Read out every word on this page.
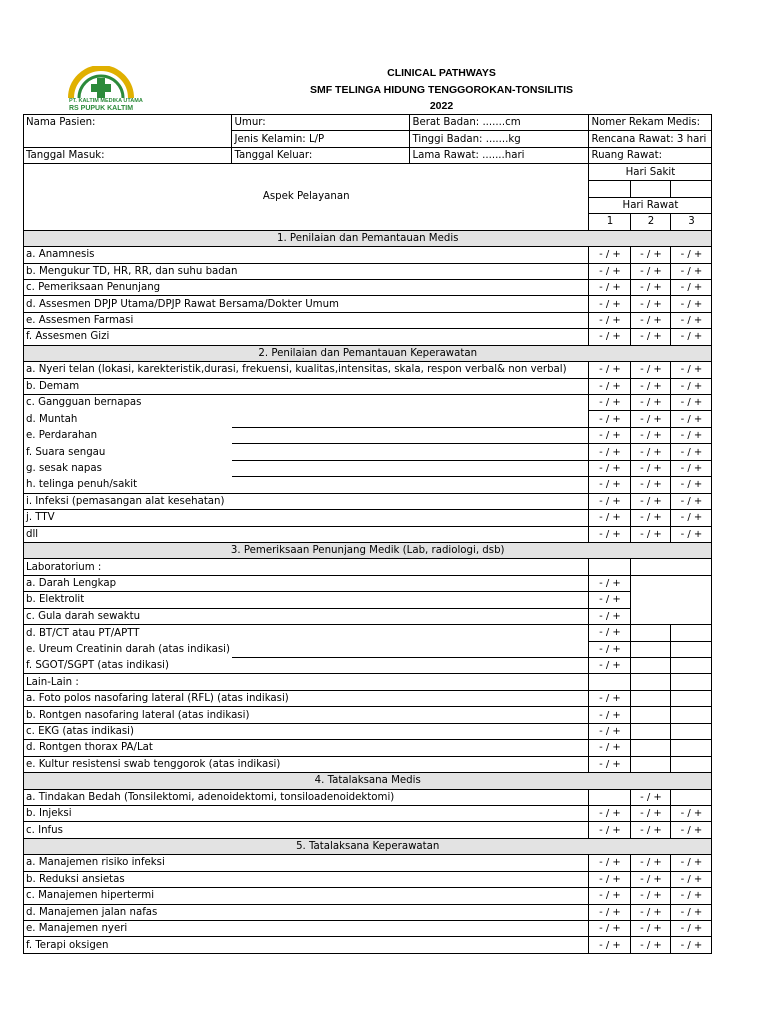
CLINICAL PATHWAYS
SMF TELINGA HIDUNG TENGGOROKAN-TONSILITIS
2022
PT. KALTIM MEDIKA UTAMA
RS PUPUK KALTIM
Nama Pasien:	Umur:	Berat Badan: .......cm	Nomer Rekam Medis:		
	Jenis Kelamin: L/P	Tinggi Badan: .......kg	Rencana Rawat: 3 hari		
Tanggal Masuk:	Tanggal Keluar:	Lama Rawat: .......hari	Ruang Rawat:		
Aspek Pelayanan			Hari Sakit		

			Hari Rawat		
			1	2	3
1. Penilaian dan Pemantauan Medis					
a. Anamnesis			- / +	- / +	- / +
b. Mengukur TD, HR, RR, dan suhu badan			- / +	- / +	- / +
c. Pemeriksaan Penunjang			- / +	- / +	- / +
d. Assesmen DPJP Utama/DPJP Rawat Bersama/Dokter Umum			- / +	- / +	- / +
e. Assesmen Farmasi			- / +	- / +	- / +
f. Assesmen Gizi			- / +	- / +	- / +
2. Penilaian dan Pemantauan Keperawatan					
a. Nyeri telan (lokasi, karekteristik,durasi, frekuensi, kualitas,intensitas, skala, respon verbal& non verbal)			- / +	- / +	- / +
b. Demam			- / +	- / +	- / +
c. Gangguan bernapas			- / +	- / +	- / +
d. Muntah			- / +	- / +	- / +
e. Perdarahan			- / +	- / +	- / +
f. Suara sengau			- / +	- / +	- / +
g. sesak napas			- / +	- / +	- / +
h. telinga penuh/sakit			- / +	- / +	- / +
i. Infeksi (pemasangan alat kesehatan)			- / +	- / +	- / +
j. TTV			- / +	- / +	- / +
dll			- / +	- / +	- / +
3. Pemeriksaan Penunjang Medik (Lab, radiologi, dsb)					
Laboratorium :					
a. Darah Lengkap			- / +		
b. Elektrolit			- / +		
c. Gula darah sewaktu			- / +		
d. BT/CT atau PT/APTT			- / +		
e. Ureum Creatinin darah (atas indikasi)			- / +		
f. SGOT/SGPT (atas indikasi)			- / +		
Lain-Lain :					
a. Foto polos nasofaring lateral (RFL) (atas indikasi)			- / +		
b. Rontgen nasofaring lateral (atas indikasi)			- / +		
c. EKG (atas indikasi)			- / +		
d. Rontgen thorax PA/Lat			- / +		
e. Kultur resistensi swab tenggorok (atas indikasi)			- / +		
4. Tatalaksana Medis					
a. Tindakan Bedah (Tonsilektomi, adenoidektomi, tonsiloadenoidektomi)				- / +	
b. Injeksi			- / +	- / +	- / +
c. Infus			- / +	- / +	- / +
5. Tatalaksana Keperawatan					
a. Manajemen risiko infeksi			- / +	- / +	- / +
b. Reduksi ansietas			- / +	- / +	- / +
c. Manajemen hipertermi			- / +	- / +	- / +
d. Manajemen jalan nafas			- / +	- / +	- / +
e. Manajemen nyeri			- / +	- / +	- / +
f. Terapi oksigen			- / +	- / +	- / +
